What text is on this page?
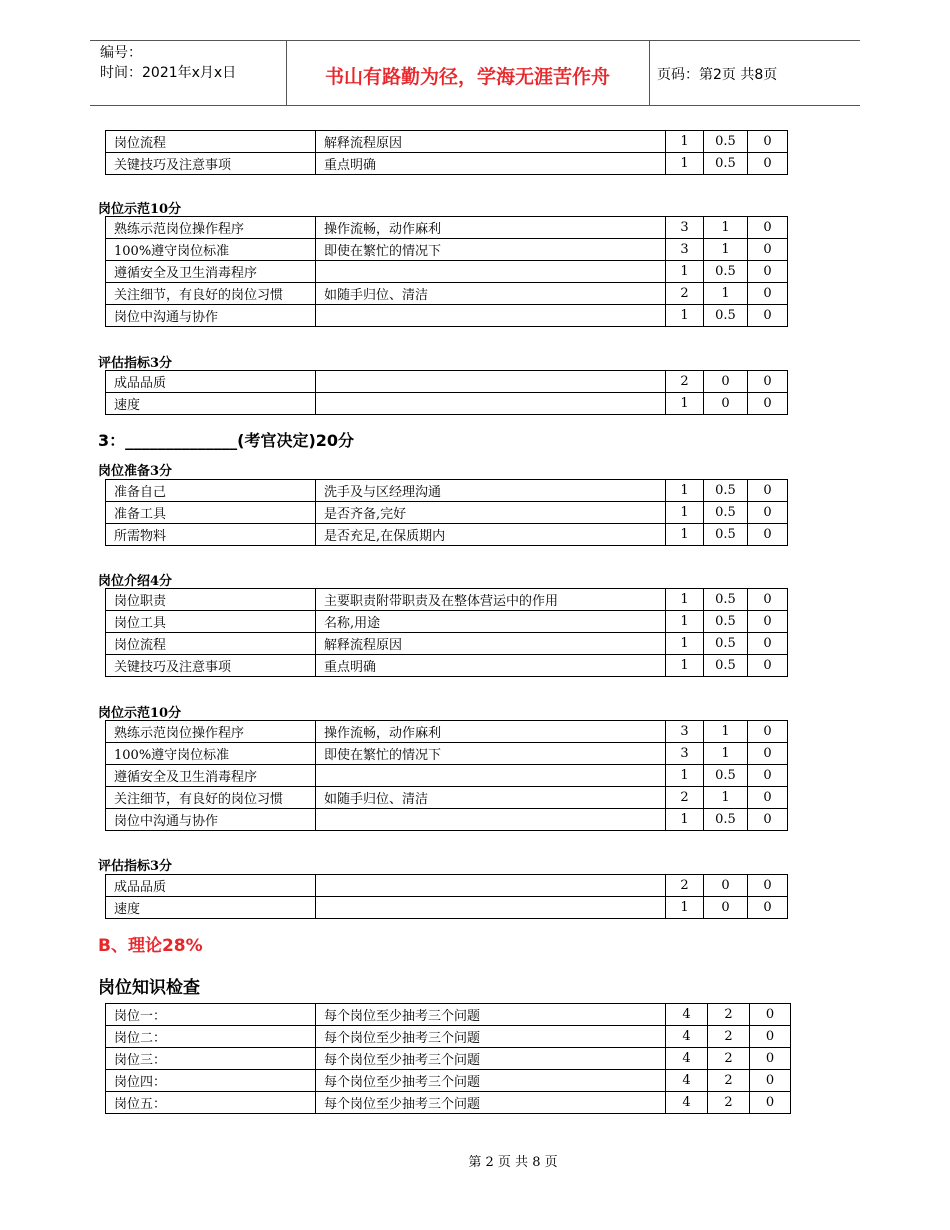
编号：
时间：2021年x月x日	书山有路勤为径，学海无涯苦作舟	页码：第2页 共8页
岗位流程	解释流程原因	1	0.5	0
关键技巧及注意事项	重点明确	1	0.5	0
岗位示范10分
熟练示范岗位操作程序	操作流畅，动作麻利	3	1	0
100%遵守岗位标准	即使在繁忙的情况下	3	1	0
遵循安全及卫生消毒程序		1	0.5	0
关注细节，有良好的岗位习惯	如随手归位、清洁	2	1	0
岗位中沟通与协作		1	0.5	0
评估指标3分
成品品质		2	0	0
速度		1	0	0
3：______________(考官决定)20分
岗位准备3分
准备自己	洗手及与区经理沟通	1	0.5	0
准备工具	是否齐备,完好	1	0.5	0
所需物料	是否充足,在保质期内	1	0.5	0
岗位介绍4分
岗位职责	主要职责附带职责及在整体营运中的作用	1	0.5	0
岗位工具	名称,用途	1	0.5	0
岗位流程	解释流程原因	1	0.5	0
关键技巧及注意事项	重点明确	1	0.5	0
岗位示范10分
熟练示范岗位操作程序	操作流畅，动作麻利	3	1	0
100%遵守岗位标准	即使在繁忙的情况下	3	1	0
遵循安全及卫生消毒程序		1	0.5	0
关注细节，有良好的岗位习惯	如随手归位、清洁	2	1	0
岗位中沟通与协作		1	0.5	0
评估指标3分
成品品质		2	0	0
速度		1	0	0
B、理论28%
岗位知识检查
岗位一：	每个岗位至少抽考三个问题	4	2	0
岗位二：	每个岗位至少抽考三个问题	4	2	0
岗位三：	每个岗位至少抽考三个问题	4	2	0
岗位四：	每个岗位至少抽考三个问题	4	2	0
岗位五：	每个岗位至少抽考三个问题	4	2	0
第 2 页 共 8 页
